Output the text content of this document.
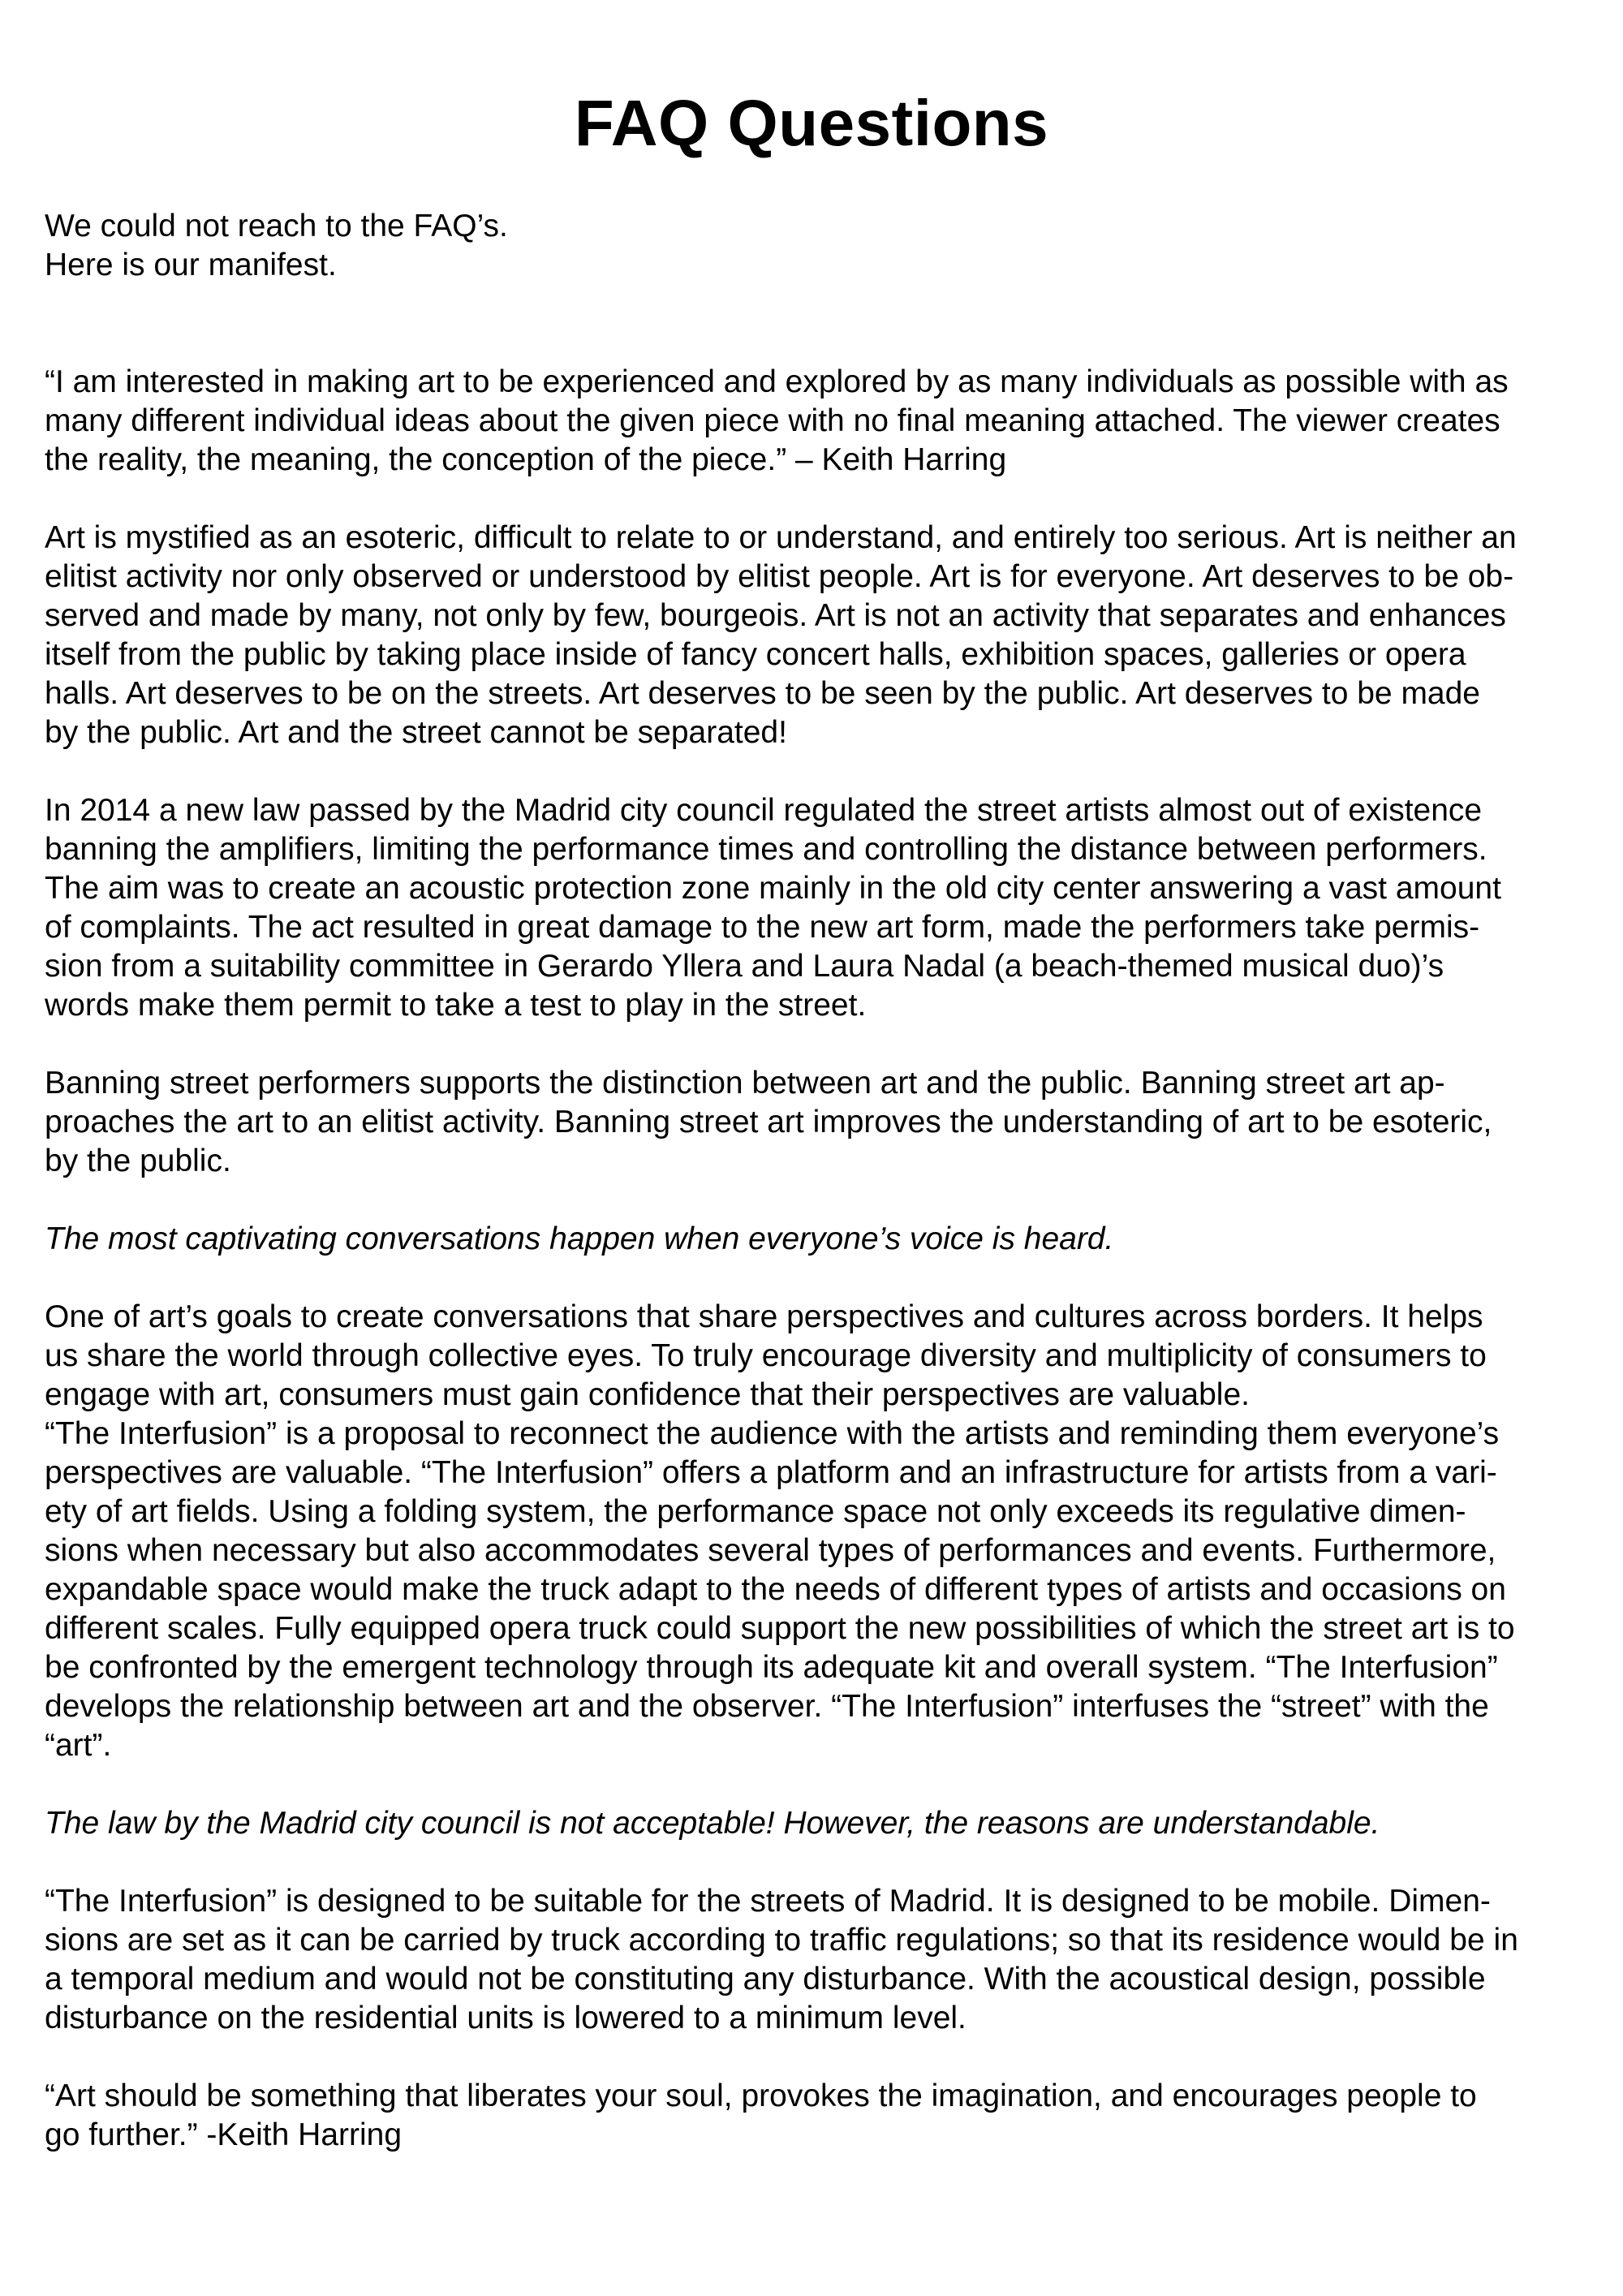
FAQ Questions

We could not reach to the FAQ’s.
Here is our manifest.

“I am interested in making art to be experienced and explored by as many individuals as possible with as
many different individual ideas about the given piece with no final meaning attached. The viewer creates
the reality, the meaning, the conception of the piece.” – Keith Harring

Art is mystified as an esoteric, difficult to relate to or understand, and entirely too serious. Art is neither an
elitist activity nor only observed or understood by elitist people. Art is for everyone. Art deserves to be ob-
served and made by many, not only by few, bourgeois. Art is not an activity that separates and enhances
itself from the public by taking place inside of fancy concert halls, exhibition spaces, galleries or opera
halls. Art deserves to be on the streets. Art deserves to be seen by the public. Art deserves to be made
by the public. Art and the street cannot be separated!

In 2014 a new law passed by the Madrid city council regulated the street artists almost out of existence
banning the amplifiers, limiting the performance times and controlling the distance between performers.
The aim was to create an acoustic protection zone mainly in the old city center answering a vast amount
of complaints. The act resulted in great damage to the new art form, made the performers take permis-
sion from a suitability committee in Gerardo Yllera and Laura Nadal (a beach-themed musical duo)’s
words make them permit to take a test to play in the street.

Banning street performers supports the distinction between art and the public. Banning street art ap-
proaches the art to an elitist activity. Banning street art improves the understanding of art to be esoteric,
by the public.

The most captivating conversations happen when everyone’s voice is heard.

One of art’s goals to create conversations that share perspectives and cultures across borders. It helps
us share the world through collective eyes. To truly encourage diversity and multiplicity of consumers to
engage with art, consumers must gain confidence that their perspectives are valuable.
“The Interfusion” is a proposal to reconnect the audience with the artists and reminding them everyone’s
perspectives are valuable. “The Interfusion” offers a platform and an infrastructure for artists from a vari-
ety of art fields. Using a folding system, the performance space not only exceeds its regulative dimen-
sions when necessary but also accommodates several types of performances and events. Furthermore,
expandable space would make the truck adapt to the needs of different types of artists and occasions on
different scales. Fully equipped opera truck could support the new possibilities of which the street art is to
be confronted by the emergent technology through its adequate kit and overall system. “The Interfusion”
develops the relationship between art and the observer. “The Interfusion” interfuses the “street” with the
“art”.

The law by the Madrid city council is not acceptable! However, the reasons are understandable.

“The Interfusion” is designed to be suitable for the streets of Madrid. It is designed to be mobile. Dimen-
sions are set as it can be carried by truck according to traffic regulations; so that its residence would be in
a temporal medium and would not be constituting any disturbance. With the acoustical design, possible
disturbance on the residential units is lowered to a minimum level.

“Art should be something that liberates your soul, provokes the imagination, and encourages people to
go further.” -Keith Harring
